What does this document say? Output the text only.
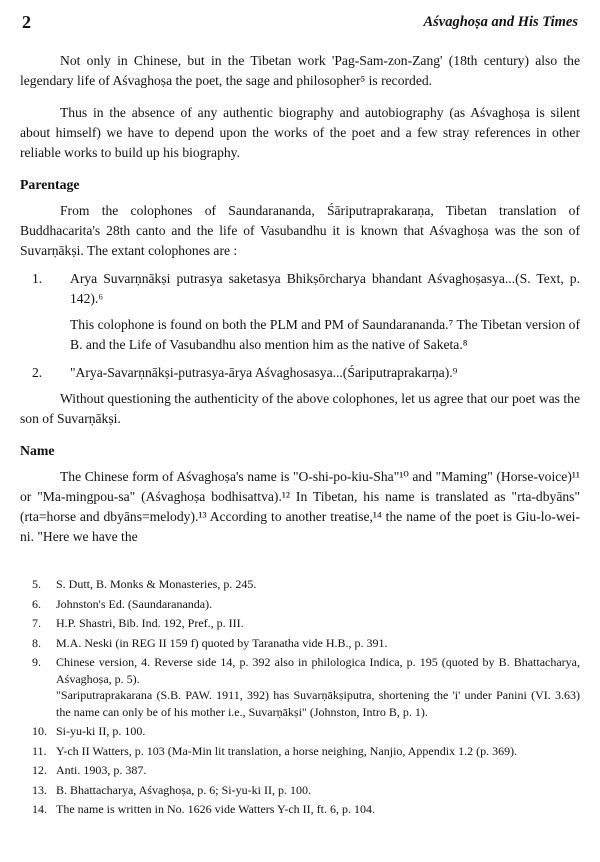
2	Aśvaghoṣa and His Times

Not only in Chinese, but in the Tibetan work 'Pag-Sam-zon-Zang' (18th century) also the legendary life of Aśvaghoṣa the poet, the sage and philosopher⁵ is recorded.

Thus in the absence of any authentic biography and autobiography (as Aśvaghoṣa is silent about himself) we have to depend upon the works of the poet and a few stray references in other reliable works to build up his biography.

Parentage

From the colophones of Saundarananda, Śāriputraprakaraṇa, Tibetan translation of Buddhacarita's 28th canto and the life of Vasubandhu it is known that Aśvaghoṣa was the son of Suvarṇākṣi. The extant colophones are :

1. Arya Suvarṇnākṣi putrasya saketasya Bhikṣōrcharya bhandant Aśvaghoṣasya...(S. Text, p. 142).⁶

This colophone is found on both the PLM and PM of Saundarananda.⁷ The Tibetan version of B. and the Life of Vasubandhu also mention him as the native of Saketa.⁸

2. "Arya-Savarṇnākṣi-putrasya-ārya Aśvaghosasya...(Śariputraprakarṇa).⁹

Without questioning the authenticity of the above colophones, let us agree that our poet was the son of Suvarṇākṣi.

Name

The Chinese form of Aśvaghoṣa's name is "O-shi-po-kiu-Sha"¹⁰ and "Maming" (Horse-voice)¹¹ or "Ma-mingpou-sa" (Aśvaghoṣa bodhisattva).¹² In Tibetan, his name is translated as "rta-dbyāns" (rta=horse and dbyāns=melody).¹³ According to another treatise,¹⁴ the name of the poet is Giu-lo-wei-ni. "Here we have the

5. S. Dutt, B. Monks & Monasteries, p. 245.

6. Johnston's Ed. (Saundarananda).

7. H.P. Shastri, Bib. Ind. 192, Pref., p. III.

8. M.A. Neski (in REG II 159 f) quoted by Taranatha vide H.B., p. 391.

9. Chinese version, 4. Reverse side 14, p. 392 also in philologica Indica, p. 195 (quoted by B. Bhattacharya, Aśvaghoṣa, p. 5).

"Sariputraprakarana (S.B. PAW. 1911, 392) has Suvarṇākṣiputra, shortening the 'i' under Panini (VI. 3.63) the name can only be of his mother i.e., Suvarṇākṣi" (Johnston, Intro B, p. 1).

10. Si-yu-ki II, p. 100.

11. Y-ch II Watters, p. 103 (Ma-Min lit translation, a horse neighing, Nanjio, Appendix 1.2 (p. 369).

12. Anti. 1903, p. 387.

13. B. Bhattacharya, Aśvaghoṣa, p. 6; Si-yu-ki II, p. 100.

14. The name is written in No. 1626 vide Watters Y-ch II, ft. 6, p. 104.
